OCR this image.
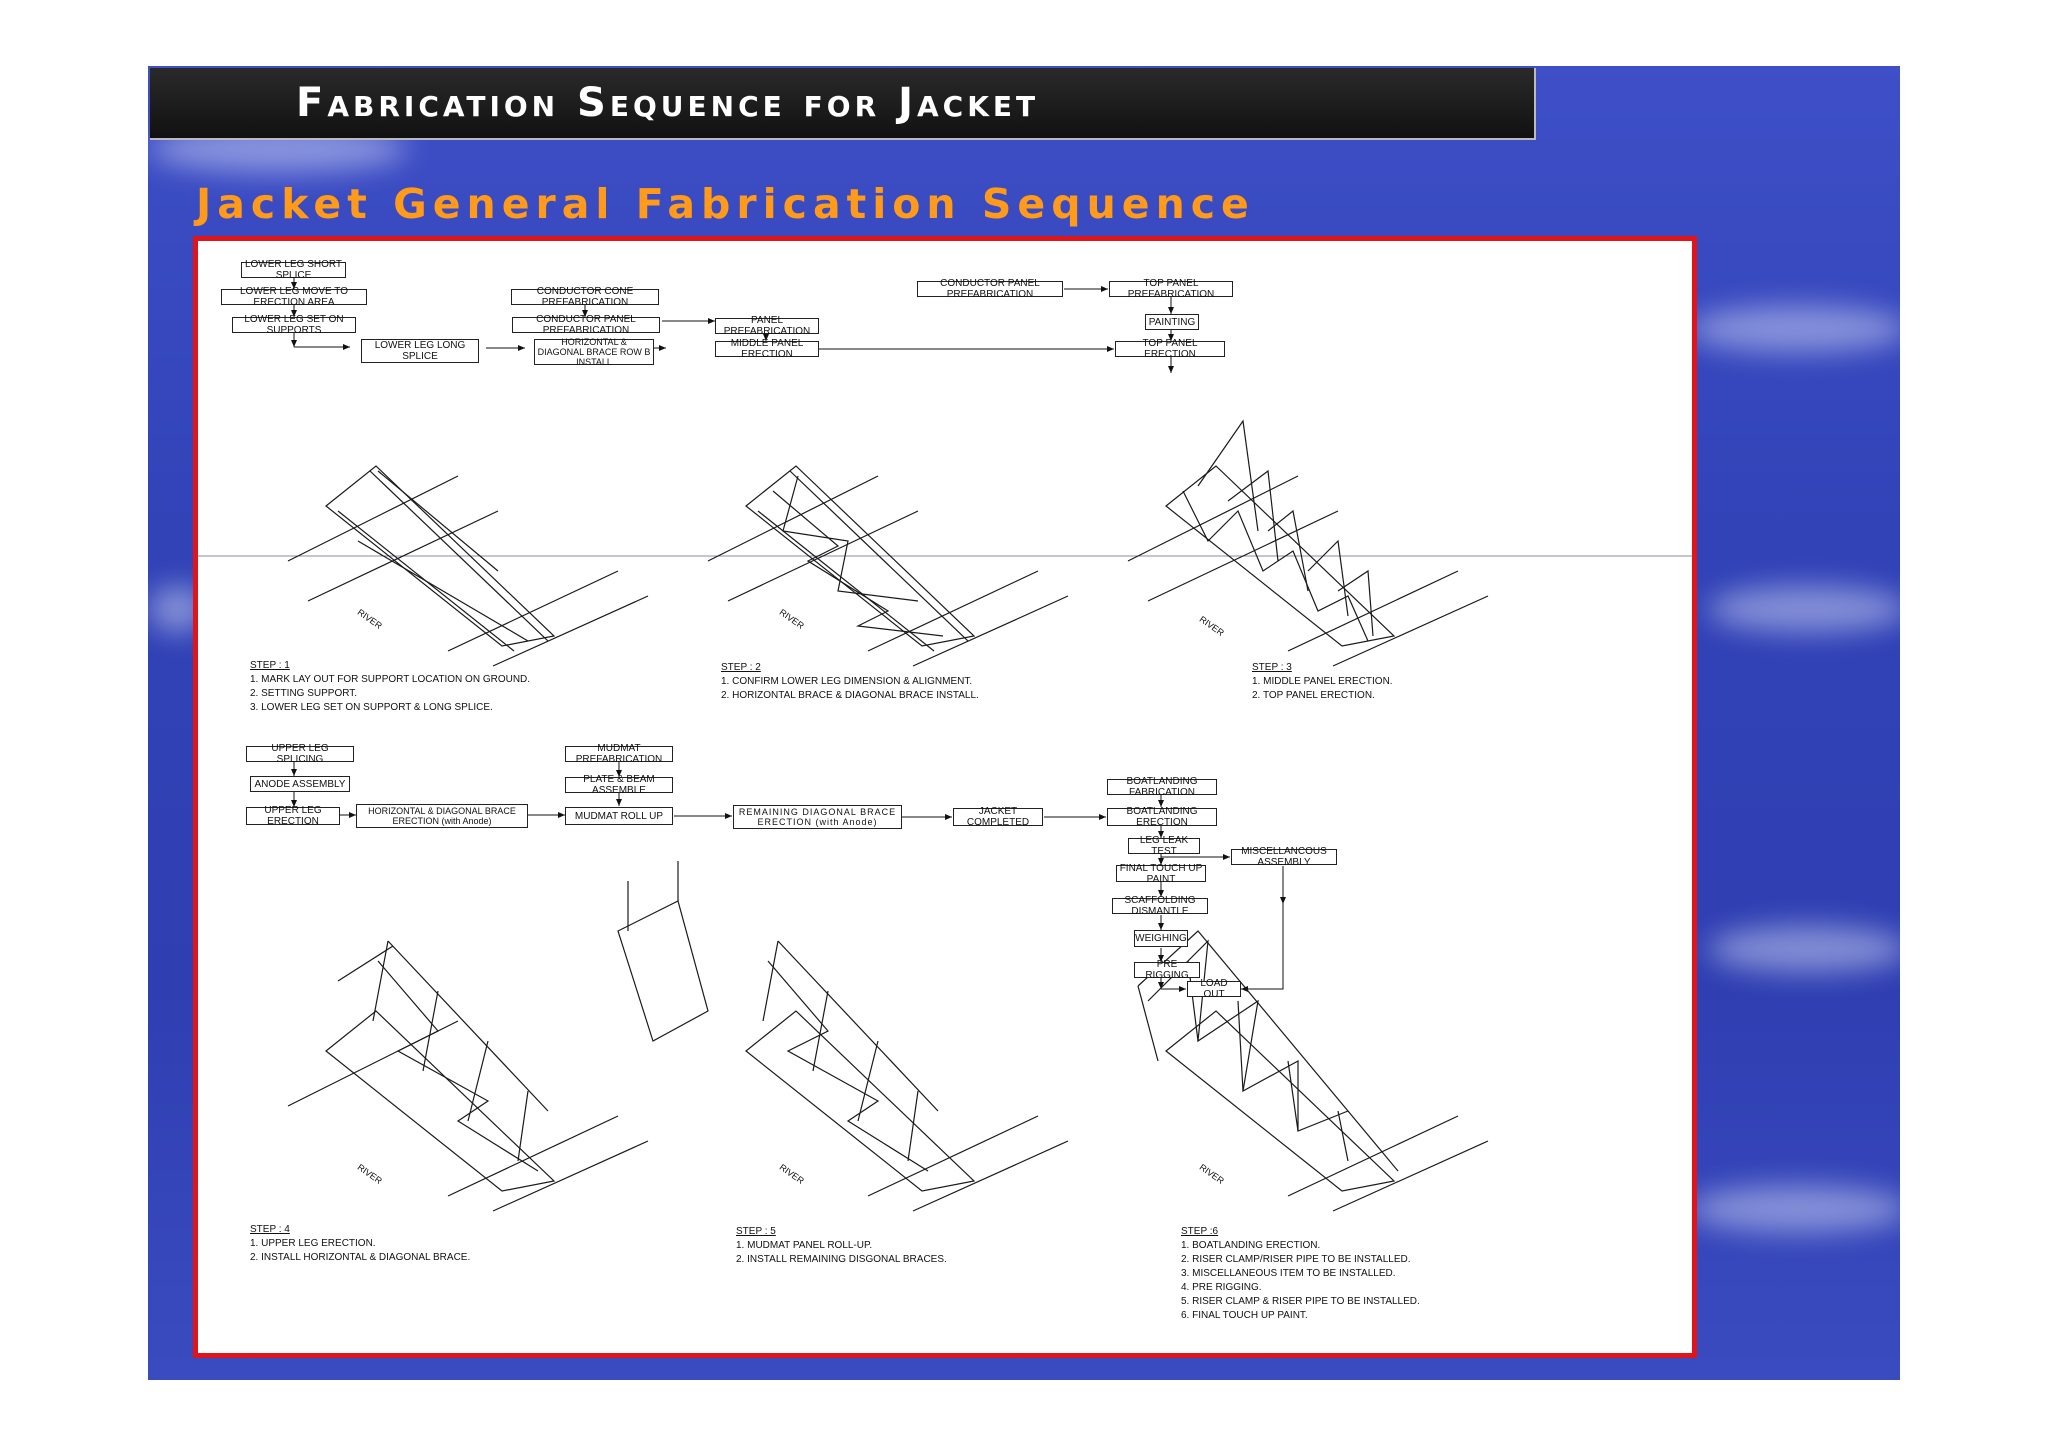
Fabrication Sequence for Jacket
Jacket General Fabrication Sequence
LOWER LEG SHORT SPLICE
LOWER LEG MOVE TO ERECTION AREA
LOWER LEG SET ON SUPPORTS
LOWER LEG LONG SPLICE
CONDUCTOR CONE PREFABRICATION
CONDUCTOR PANEL PREFABRICATION
HORIZONTAL & DIAGONAL BRACE ROW B INSTALL
PANEL PREFABRICATION
MIDDLE PANEL ERECTION
CONDUCTOR PANEL PREFABRICATION
TOP PANEL PREFABRICATION
PAINTING
TOP PANEL ERECTION
UPPER LEG SPLICING
ANODE ASSEMBLY
UPPER LEG ERECTION
HORIZONTAL & DIAGONAL BRACE ERECTION (with Anode)
MUDMAT PREFABRICATION
PLATE & BEAM ASSEMBLE
MUDMAT ROLL UP	REMAINING DIAGONAL BRACE ERECTION (with Anode)
JACKET COMPLETED
BOATLANDING FABRICATION
BOATLANDING ERECTION
LEG LEAK TEST	MISCELLANCOUS ASSEMBLY
FINAL TOUCH UP PAINT
SCAFFOLDING DISMANTLE
WEIGHING
PRE RIGGING
LOAD OUT
RIVER	RIVER	RIVER
RIVER	RIVER	RIVER
STEP : 1
1. MARK LAY OUT FOR SUPPORT LOCATION ON GROUND.
2. SETTING SUPPORT.
3. LOWER LEG SET ON SUPPORT & LONG SPLICE.
STEP : 2
1. CONFIRM LOWER LEG DIMENSION & ALIGNMENT.
2. HORIZONTAL BRACE & DIAGONAL BRACE INSTALL.
STEP : 3
1. MIDDLE PANEL ERECTION.
2. TOP PANEL ERECTION.
STEP : 4
1. UPPER LEG ERECTION.
2. INSTALL HORIZONTAL & DIAGONAL BRACE.
STEP : 5
1. MUDMAT PANEL ROLL-UP.
2. INSTALL REMAINING DISGONAL BRACES.
STEP :6
1. BOATLANDING ERECTION.
2. RISER CLAMP/RISER PIPE TO BE INSTALLED.
3. MISCELLANEOUS ITEM TO BE INSTALLED.
4. PRE RIGGING.
5. RISER CLAMP & RISER PIPE TO BE INSTALLED.
6. FINAL TOUCH UP PAINT.
